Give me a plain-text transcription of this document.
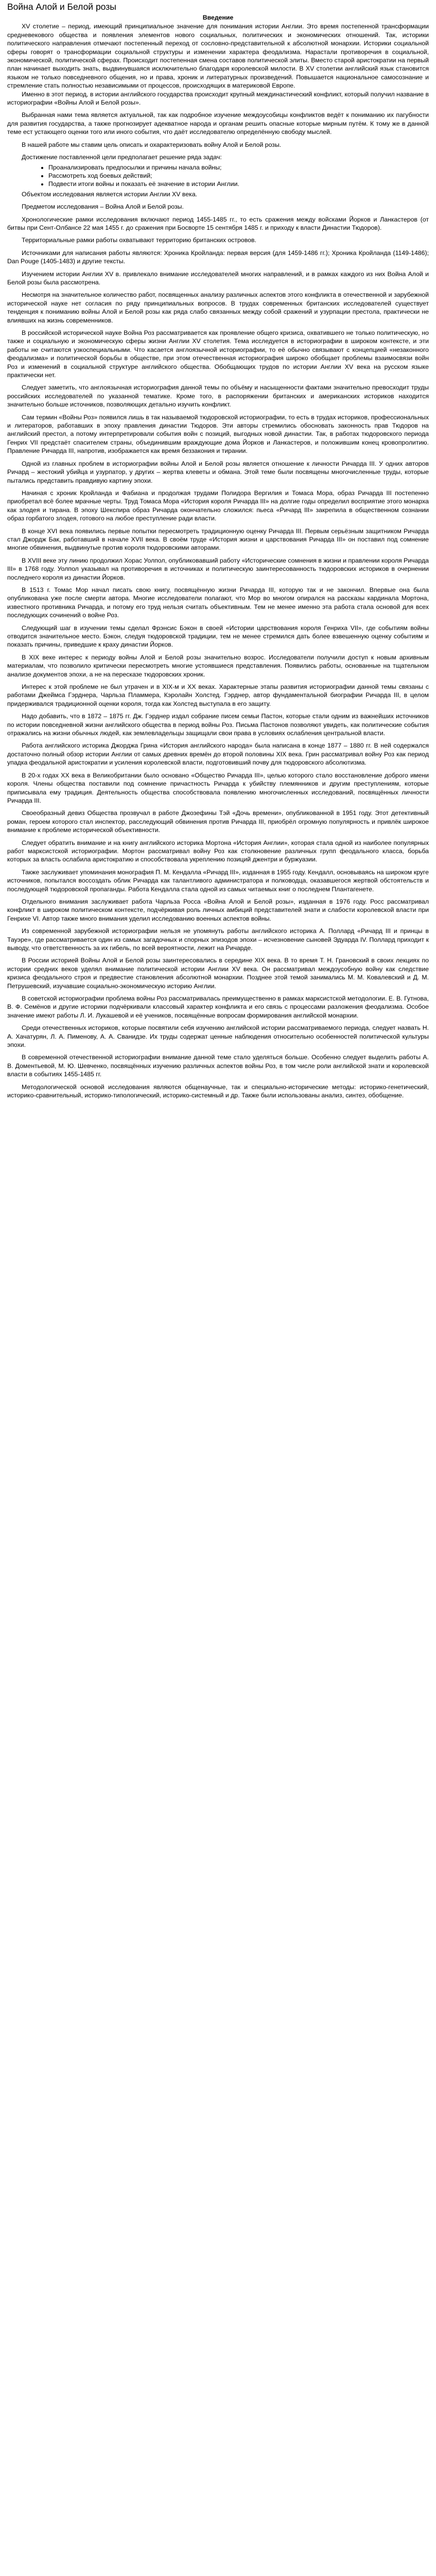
Война Алой и Белой розы
Введение

XV столетие – период, имеющий принципиальное значение для понимания истории Англии. Это время постепенной трансформации средневекового общества и появления элементов нового социальных, политических и экономических отношений. Так, историки политического направления отмечают постепенный переход от сословно-представительной к абсолютной монархии. Историки социальной сферы говорят о трансформации социальной структуры и изменении характера феодализма. Нарастали противоречия в социальной, экономической, политической сферах. Происходит постепенная смена составов политической элиты. Вместо старой аристократии на первый план начинает выходить знать, выдвинувшаяся исключительно благодаря королевской милости. В XV столетии английский язык становится языком не только повседневного общения, но и права, хроник и литературных произведений. Повышается национальное самосознание и стремление стать полностью независимыми от процессов, происходящих в материковой Европе.

Именно в этот период, в истории английского государства происходит крупный междинастический конфликт, который получил название в историографии «Войны Алой и Белой розы».

Выбранная нами тема является актуальной, так как подробное изучение междоусобицы конфликтов ведёт к пониманию их пагубности для развития государства, а также прогнозирует адекватное народа и органам решить опасные которые мирным путём. К тому же в данной теме ест устающего оценки того или иного события, что даёт исследователю определённую свободу мыслей.

В нашей работе мы ставим цель описать и охарактеризовать войну Алой и Белой розы.

Достижение поставленной цели предполагает решение ряда задач:

• Проанализировать предпосылки и причины начала войны;
• Рассмотреть ход боевых действий;
• Подвести итоги войны и показать её значение в истории Англии.

Объектом исследования является истории Англии XV века.

Предметом исследования – Война Алой и Белой розы.

Хронологические рамки исследования включают период 1455-1485 гг., то есть сражения между войсками Йорков и Ланкастеров (от битвы при Сент-Олбансе 22 мая 1455 г. до сражения при Босворте 15 сентября 1485 г. и приходу к власти Династии Тюдоров).

Территориальные рамки работы охватывают территорию британских островов.

Источниками для написания работы являются: Хроника Кройланда: первая версия (для 1459-1486 гг.); Хроника Кройланда (1149-1486); Dan Pouge (1405-1483) и другие тексты.

Изучением истории Англии XV в. привлекало внимание исследователей многих направлений, и в рамках каждого из них Война Алой и Белой розы была рассмотрена.

Несмотря на значительное количество работ, посвященных анализу различных аспектов этого конфликта в отечественной и зарубежной исторической науке нет согласия по ряду принципиальных вопросов. В трудах современных британских исследователей существует тенденция к пониманию войны Алой и Белой розы как ряда слабо связанных между собой сражений и узурпации престола, практически не влиявших на жизнь современников.

В российской исторической науке Война Роз рассматривается как проявление общего кризиса, охватившего не только политическую, но также и социальную и экономическую сферы жизни Англии XV столетия. Тема исследуется в историографии в широком контексте, и эти работы не считаются узкоспециальными. Что касается англоязычной историографии, то её обычно связывают с концепцией «незаконного феодализма» и политической борьбы в обществе, при этом отечественная историография широко обобщает проблемы взаимосвязи войн Роз и изменений в социальной структуре английского общества. Обобщающих трудов по истории Англии XV века на русском языке практически нет.

Следует заметить, что англоязычная историография данной темы по объёму и насыщенности фактами значительно превосходит труды российских исследователей по указанной тематике. Кроме того, в распоряжении британских и американских историков находится значительно больше источников, позволяющих детально изучить конфликт.

Сам термин «Войны Роз» появился лишь в так называемой тюдоровской историографии, то есть в трудах историков, профессиональных и литераторов, работавших в эпоху правления династии Тюдоров. Эти авторы стремились обосновать законность прав Тюдоров на английский престол, а потому интерпретировали события войн с позиций, выгодных новой династии. Так, в работах тюдоровского периода Генрих VII предстаёт спасителем страны, объединившим враждующие дома Йорков и Ланкастеров, и положившим конец кровопролитию. Правление Ричарда III, напротив, изображается как время беззакония и тирании.

Одной из главных проблем в историографии войны Алой и Белой розы является отношение к личности Ричарда III. У одних авторов Ричард – жестокий убийца и узурпатор, у других – жертва клеветы и обмана. Этой теме были посвящены многочисленные труды, которые пытались представить правдивую картину эпохи.

Начиная с хроник Кройланда и Фабиана и продолжая трудами Полидора Вергилия и Томаса Мора, образ Ричарда III постепенно приобретал всё более мрачные черты. Труд Томаса Мора «История короля Ричарда III» на долгие годы определил восприятие этого монарха как злодея и тирана. В эпоху Шекспира образ Ричарда окончательно сложился: пьеса «Ричард III» закрепила в общественном сознании образ горбатого злодея, готового на любое преступление ради власти.

В конце XVI века появились первые попытки пересмотреть традиционную оценку Ричарда III. Первым серьёзным защитником Ричарда стал Джордж Бак, работавший в начале XVII века. В своём труде «История жизни и царствования Ричарда III» он поставил под сомнение многие обвинения, выдвинутые против короля тюдоровскими авторами.

В XVIII веке эту линию продолжил Хорас Уолпол, опубликовавший работу «Исторические сомнения в жизни и правлении короля Ричарда III» в 1768 году. Уолпол указывал на противоречия в источниках и политическую заинтересованность тюдоровских историков в очернении последнего короля из династии Йорков.

В 1513 г. Томас Мор начал писать свою книгу, посвящённую жизни Ричарда III, которую так и не закончил. Впервые она была опубликована уже после смерти автора. Многие исследователи полагают, что Мор во многом опирался на рассказы кардинала Мортона, известного противника Ричарда, и потому его труд нельзя считать объективным. Тем не менее именно эта работа стала основой для всех последующих сочинений о войне Роз.

Следующий шаг в изучении темы сделал Фрэнсис Бэкон в своей «Истории царствования короля Генриха VII», где событиям войны отводится значительное место. Бэкон, следуя тюдоровской традиции, тем не менее стремился дать более взвешенную оценку событиям и показать причины, приведшие к краху династии Йорков.

В XIX веке интерес к периоду войны Алой и Белой розы значительно возрос. Исследователи получили доступ к новым архивным материалам, что позволило критически пересмотреть многие устоявшиеся представления. Появились работы, основанные на тщательном анализе документов эпохи, а не на пересказе тюдоровских хроник.

Интерес к этой проблеме не был утрачен и в XIX-м и XX веках. Характерные этапы развития историографии данной темы связаны с работами Джеймса Гэрднера, Чарльза Пламмера, Кэролайн Холстед. Гэрднер, автор фундаментальной биографии Ричарда III, в целом придерживался традиционной оценки короля, тогда как Холстед выступала в его защиту.

Надо добавить, что в 1872 – 1875 гг. Дж. Гэрднер издал собрание писем семьи Пастон, которые стали одним из важнейших источников по истории повседневной жизни английского общества в период войны Роз. Письма Пастонов позволяют увидеть, как политические события отражались на жизни обычных людей, как землевладельцы защищали свои права в условиях ослабления центральной власти.

Работа английского историка Джорджа Грина «История английского народа» была написана в конце 1877 – 1880 гг. В ней содержался достаточно полный обзор истории Англии от самых древних времён до второй половины XIX века. Грин рассматривал войну Роз как период упадка феодальной аристократии и усиления королевской власти, подготовивший почву для тюдоровского абсолютизма.

В 20-х годах XX века в Великобритании было основано «Общество Ричарда III», целью которого стало восстановление доброго имени короля. Члены общества поставили под сомнение причастность Ричарда к убийству племянников и другим преступлениям, которые приписывала ему традиция. Деятельность общества способствовала появлению многочисленных исследований, посвящённых личности Ричарда III.

Своеобразный девиз Общества прозвучал в работе Джозефины Тэй «Дочь времени», опубликованной в 1951 году. Этот детективный роман, героем которого стал инспектор, расследующий обвинения против Ричарда III, приобрёл огромную популярность и привлёк широкое внимание к проблеме исторической объективности.

Следует обратить внимание и на книгу английского историка Мортона «История Англии», которая стала одной из наиболее популярных работ марксистской историографии. Мортон рассматривал войну Роз как столкновение различных групп феодального класса, борьба которых за власть ослабила аристократию и способствовала укреплению позиций джентри и буржуазии.

Также заслуживает упоминания монография П. М. Кендалла «Ричард III», изданная в 1955 году. Кендалл, основываясь на широком круге источников, попытался воссоздать облик Ричарда как талантливого администратора и полководца, оказавшегося жертвой обстоятельств и последующей тюдоровской пропаганды. Работа Кендалла стала одной из самых читаемых книг о последнем Плантагенете.

Отдельного внимания заслуживает работа Чарльза Росса «Война Алой и Белой розы», изданная в 1976 году. Росс рассматривал конфликт в широком политическом контексте, подчёркивая роль личных амбиций представителей знати и слабости королевской власти при Генрихе VI. Автор также много внимания уделил исследованию военных аспектов войны.

Из современной зарубежной историографии нельзя не упомянуть работы английского историка А. Поллард «Ричард III и принцы в Тауэре», где рассматривается один из самых загадочных и спорных эпизодов эпохи – исчезновение сыновей Эдуарда IV. Поллард приходит к выводу, что ответственность за их гибель, по всей вероятности, лежит на Ричарде.

В России историей Войны Алой и Белой розы заинтересовались в середине XIX века. В то время Т. Н. Грановский в своих лекциях по истории средних веков уделял внимание политической истории Англии XV века. Он рассматривал междоусобную войну как следствие кризиса феодального строя и предвестие становления абсолютной монархии. Позднее этой темой занимались М. М. Ковалевский и Д. М. Петрушевский, изучавшие социально-экономическую историю Англии.

В советской историографии проблема войны Роз рассматривалась преимущественно в рамках марксистской методологии. Е. В. Гутнова, В. Ф. Семёнов и другие историки подчёркивали классовый характер конфликта и его связь с процессами разложения феодализма. Особое значение имеют работы Л. И. Лукашевой и её учеников, посвящённые вопросам формирования английской монархии.

Среди отечественных историков, которые посвятили себя изучению английской истории рассматриваемого периода, следует назвать Н. А. Хачатурян, Л. А. Пименову, А. А. Сванидзе. Их труды содержат ценные наблюдения относительно особенностей политической культуры эпохи.

В современной отечественной историографии внимание данной теме стало уделяться больше. Особенно следует выделить работы А. В. Доментьевой, М. Ю. Шевченко, посвящённых изучению различных аспектов войны Роз, в том числе роли английской знати и королевской власти в событиях 1455-1485 гг.

Методологической основой исследования являются общенаучные, так и специально-исторические методы: историко-генетический, историко-сравнительный, историко-типологический, историко-системный и др. Также были использованы анализ, синтез, обобщение.
